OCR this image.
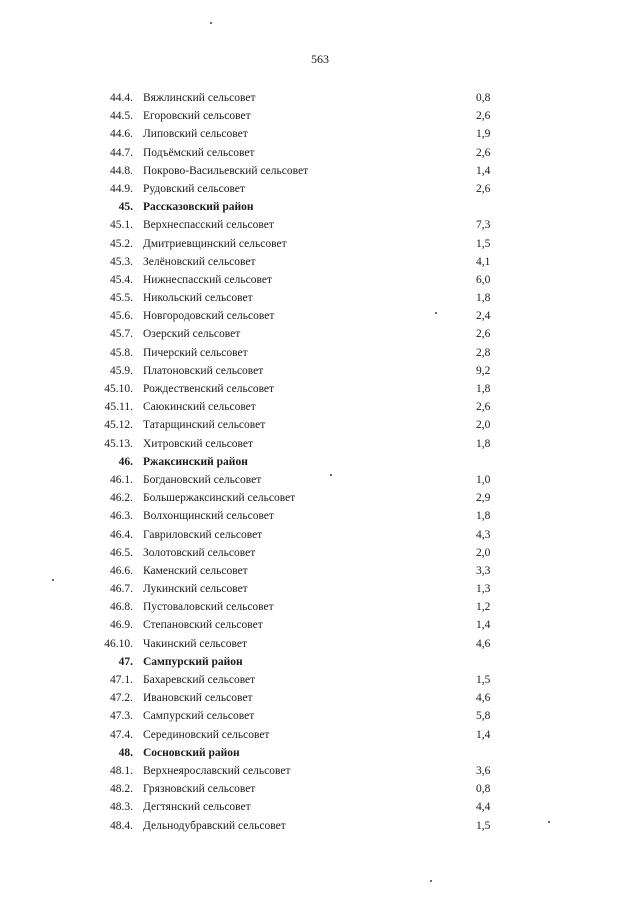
563
44.4. Вяжлинский сельсовет	0,8
44.5. Егоровский сельсовет	2,6
44.6. Липовский сельсовет	1,9
44.7. Подъёмский сельсовет	2,6
44.8. Покрово-Васильевский сельсовет	1,4
44.9. Рудовский сельсовет	2,6
45. Рассказовский район
45.1. Верхнеспасский сельсовет	7,3
45.2. Дмитриевщинский сельсовет	1,5
45.3. Зелёновский сельсовет	4,1
45.4. Нижнеспасский сельсовет	6,0
45.5. Никольский сельсовет	1,8
45.6. Новгородовский сельсовет	2,4
45.7. Озерский сельсовет	2,6
45.8. Пичерский сельсовет	2,8
45.9. Платоновский сельсовет	9,2
45.10. Рождественский сельсовет	1,8
45.11. Саюкинский сельсовет	2,6
45.12. Татарщинский сельсовет	2,0
45.13. Хитровский сельсовет	1,8
46. Ржаксинский район
46.1. Богдановский сельсовет	1,0
46.2. Большержаксинский сельсовет	2,9
46.3. Волхонщинский сельсовет	1,8
46.4. Гавриловский сельсовет	4,3
46.5. Золотовский сельсовет	2,0
46.6. Каменский сельсовет	3,3
46.7. Лукинский сельсовет	1,3
46.8. Пустоваловский сельсовет	1,2
46.9. Степановский сельсовет	1,4
46.10. Чакинский сельсовет	4,6
47. Сампурский район
47.1. Бахаревский сельсовет	1,5
47.2. Ивановский сельсовет	4,6
47.3. Сампурский сельсовет	5,8
47.4. Серединовский сельсовет	1,4
48. Сосновский район
48.1. Верхнеярославский сельсовет	3,6
48.2. Грязновский сельсовет	0,8
48.3. Дегтянский сельсовет	4,4
48.4. Дельнодубравский сельсовет	1,5
